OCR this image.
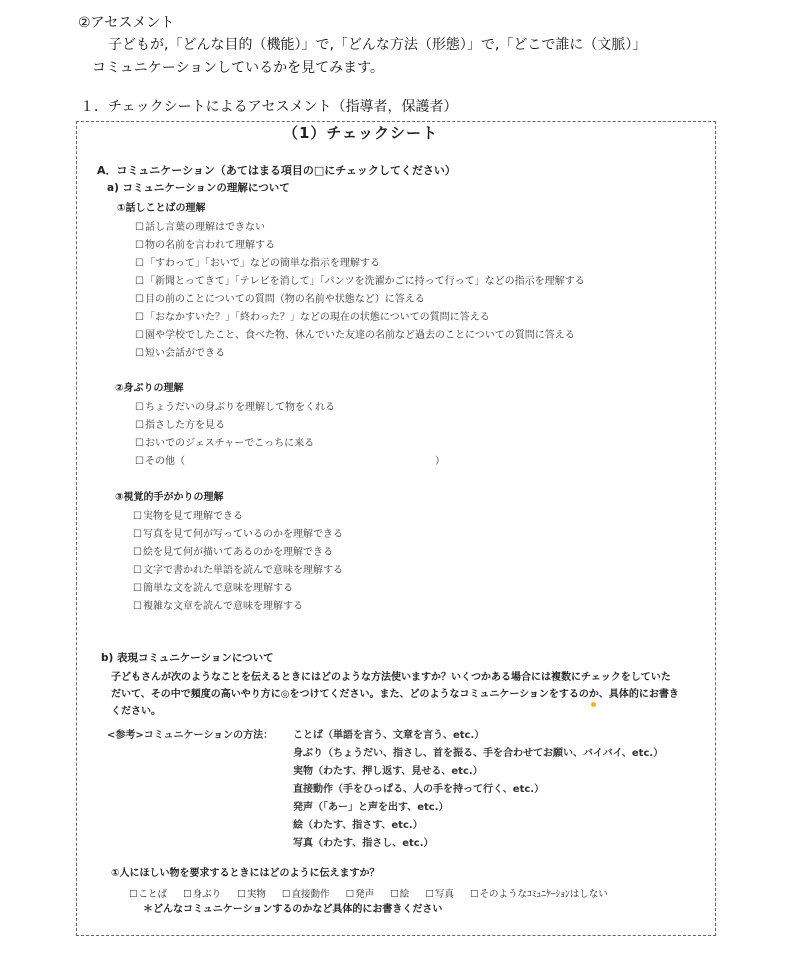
②アセスメント
子どもが,「どんな目的（機能）」で,「どんな方法（形態）」で,「どこで誰に（文脈）」
コミュニケーションしているかを見てみます。
１．チェックシートによるアセスメント（指導者，保護者）
（1）チェックシート
A．コミュニケーション（あてはまる項目の□にチェックしてください）
a) コミュニケーションの理解について
①話しことばの理解
☐ 話し言葉の理解はできない
☐ 物の名前を言われて理解する
☐ 「すわって」「おいで」などの簡単な指示を理解する
☐ 「新聞とってきて」「テレビを消して」「パンツを洗濯かごに持って行って」などの指示を理解する
☐ 目の前のことについての質問（物の名前や状態など）に答える
☐ 「おなかすいた？」「終わった？」などの現在の状態についての質問に答える
☐ 園や学校でしたこと、食べた物、休んでいた友達の名前など過去のことについての質問に答える
☐ 短い会話ができる
②身ぶりの理解
☐ ちょうだいの身ぶりを理解して物をくれる
☐ 指さした方を見る
☐ おいでのジェスチャーでこっちに来る
☐ その他（　　　　　　　　　　　　　　　　　　　　　　　　　）
③視覚的手がかりの理解
☐ 実物を見て理解できる
☐ 写真を見て何が写っているのかを理解できる
☐ 絵を見て何が描いてあるのかを理解できる
☐ 文字で書かれた単語を読んで意味を理解する
☐ 簡単な文を読んで意味を理解する
☐ 複雑な文章を読んで意味を理解する
b) 表現コミュニケーションについて
子どもさんが次のようなことを伝えるときにはどのような方法使いますか？いくつかある場合には複数にチェックをしていた
だいて、その中で頻度の高いやり方に◎をつけてください。また、どのようなコミュニケーションをするのか、具体的にお書き
ください。
<参考>コミュニケーションの方法： ことば（単語を言う、文章を言う、etc.）
身ぶり（ちょうだい、指さし、首を振る、手を合わせてお願い、バイバイ、etc.）
実物（わたす、押し返す、見せる、etc.）
直接動作（手をひっぱる、人の手を持って行く、etc.）
発声（「あー」と声を出す、etc.）
絵（わたす、指さす、etc.）
写真（わたす、指さし、etc.）
①人にほしい物を要求するときにはどのように伝えますか？
☐ ことば	☐ 身ぶり	☐ 実物	☐ 直接動作	☐ 発声	☐ 絵	☐ 写真	☐ そのようなｺﾐｭﾆｹｰｼｮﾝはしない
＊どんなコミュニケーションするのかなど具体的にお書きください
